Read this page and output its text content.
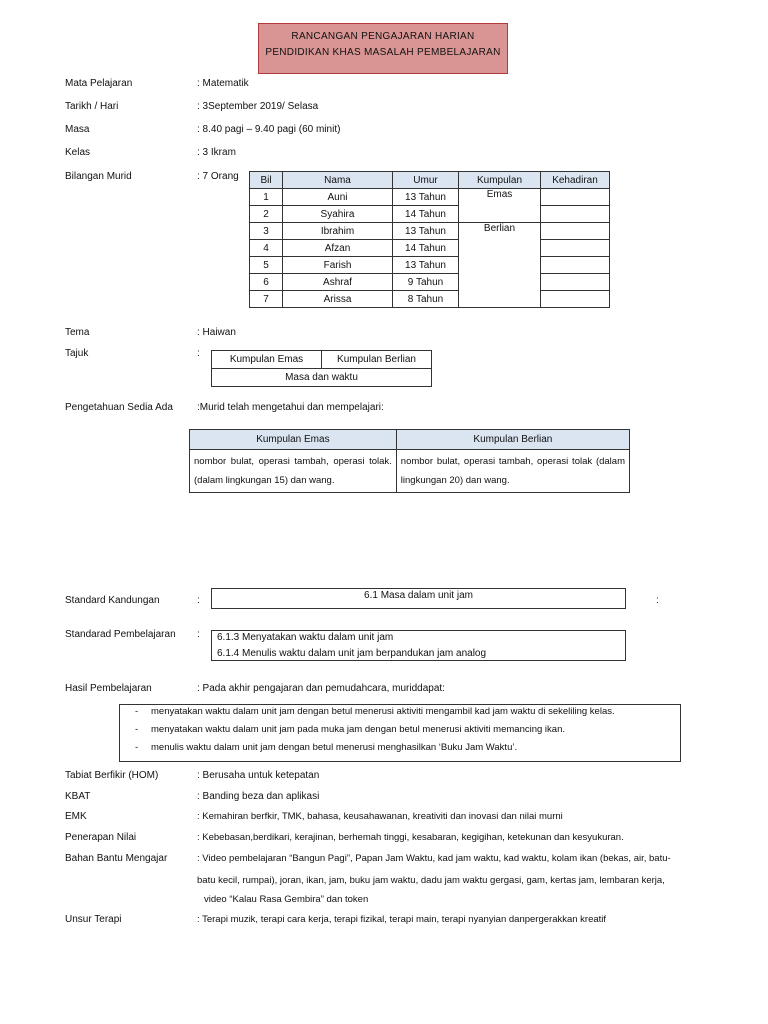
RANCANGAN PENGAJARAN HARIAN
PENDIDIKAN KHAS MASALAH PEMBELAJARAN
Mata Pelajaran	: Matematik
Tarikh / Hari	: 3September 2019/ Selasa
Masa	: 8.40 pagi – 9.40 pagi (60 minit)
Kelas	: 3 Ikram
Bilangan Murid	: 7 Orang Bil	Nama	Umur	Kumpulan	Kehadiran
1	Auni	13 Tahun	Emas	
2	Syahira	14 Tahun		
3	Ibrahim	13 Tahun	Berlian	
4	Afzan	14 Tahun		
5	Farish	13 Tahun		
6	Ashraf	9 Tahun		
7	Arissa	8 Tahun		
Tema	: Haiwan
Tajuk	:
Kumpulan Emas	Kumpulan Berlian
Masa dan waktu
Pengetahuan Sedia Ada :Murid telah mengetahui dan mempelajari:
Kumpulan Emas	Kumpulan Berlian
nombor bulat, operasi tambah, operasi tolak. (dalam lingkungan 15) dan wang.	nombor bulat, operasi tambah, operasi tolak (dalam lingkungan 20) dan wang.
Standard Kandungan	:	6.1 Masa dalam unit jam	:
Standarad Pembelajaran : 6.1.3 Menyatakan waktu dalam unit jam
6.1.4 Menulis waktu dalam unit jam berpandukan jam analog
Hasil Pembelajaran	: Pada akhir pengajaran dan pemudahcara, muriddapat:
- menyatakan waktu dalam unit jam dengan betul menerusi aktiviti mengambil kad jam waktu di sekeliling kelas.
- menyatakan waktu dalam unit jam pada muka jam dengan betul menerusi aktiviti memancing ikan.
- menulis waktu dalam unit jam dengan betul menerusi menghasilkan ‘Buku Jam Waktu’.
Tabiat Berfikir (HOM)	: Berusaha untuk ketepatan
KBAT	: Banding beza dan aplikasi
EMK	: Kemahiran berfkir, TMK, bahasa, keusahawanan, kreativiti dan inovasi dan nilai murni
Penerapan Nilai	: Kebebasan,berdikari, kerajinan, berhemah tinggi, kesabaran, kegigihan, ketekunan dan kesyukuran.
Bahan Bantu Mengajar	: Video pembelajaran “Bangun Pagi”, Papan Jam Waktu, kad jam waktu, kad waktu, kolam ikan (bekas, air, batu-
batu kecil, rumpai), joran, ikan, jam, buku jam waktu, dadu jam waktu gergasi, gam, kertas jam, lembaran kerja,
video “Kalau Rasa Gembira” dan token
Unsur Terapi	: Terapi muzik, terapi cara kerja, terapi fizikal, terapi main, terapi nyanyian danpergerakkan kreatif
